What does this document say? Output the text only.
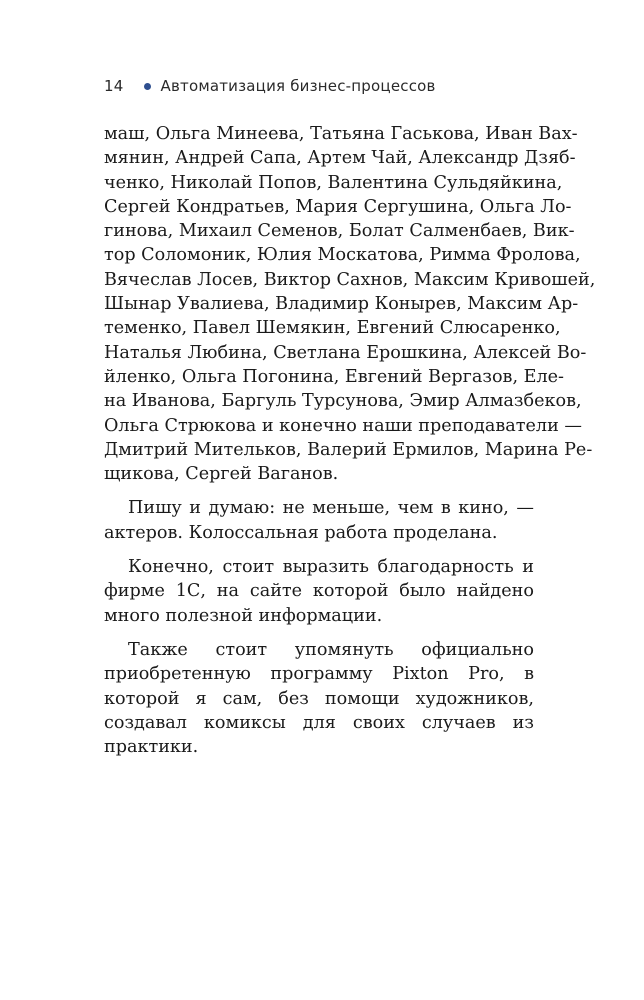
14 Автоматизация бизнес-процессов

маш, Ольга Минеева, Татьяна Гаськова, Иван Вах-
мянин, Андрей Сапа, Артем Чай, Александр Дзяб-
ченко, Николай Попов, Валентина Сульдяйкина,
Сергей Кондратьев, Мария Сергушина, Ольга Ло-
гинова, Михаил Семенов, Болат Салменбаев, Вик-
тор Соломоник, Юлия Москатова, Римма Фролова,
Вячеслав Лосев, Виктор Сахнов, Максим Кривошей,
Шынар Увалиева, Владимир Конырев, Максим Ар-
теменко, Павел Шемякин, Евгений Слюсаренко,
Наталья Любина, Светлана Ерошкина, Алексей Во-
йленко, Ольга Погонина, Евгений Вергазов, Еле-
на Иванова, Баргуль Турсунова, Эмир Алмазбеков,
Ольга Стрюкова и конечно наши преподаватели —
Дмитрий Мительков, Валерий Ермилов, Марина Ре-
щикова, Сергей Ваганов.

Пишу и думаю: не меньше, чем в кино, — актеров. Колоссальная работа проделана.

Конечно, стоит выразить благодарность и фирме 1С, на сайте которой было найдено много полезной информации.

Также стоит упомянуть официально приобретенную программу Pixton Pro, в которой я сам, без помощи художников, создавал комиксы для своих случаев из практики.
